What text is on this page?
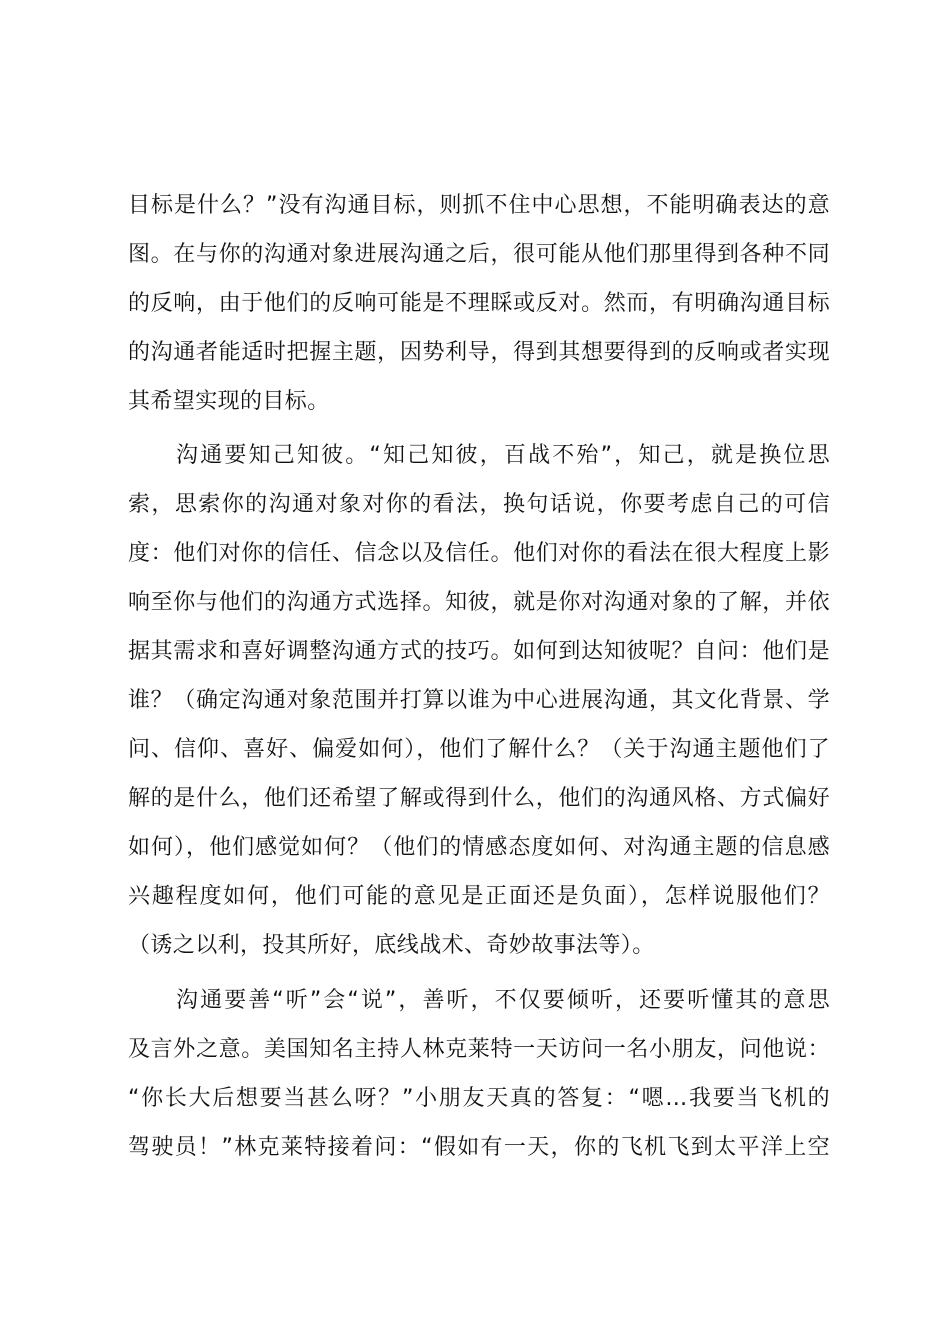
目标是什么？”没有沟通目标，则抓不住中心思想，不能明确表达的意
图。在与你的沟通对象进展沟通之后，很可能从他们那里得到各种不同
的反响，由于他们的反响可能是不理睬或反对。然而，有明确沟通目标
的沟通者能适时把握主题，因势利导，得到其想要得到的反响或者实现
其希望实现的目标。
沟通要知己知彼。“知己知彼，百战不殆”，知己，就是换位思
索，思索你的沟通对象对你的看法，换句话说，你要考虑自己的可信
度：他们对你的信任、信念以及信任。他们对你的看法在很大程度上影
响至你与他们的沟通方式选择。知彼，就是你对沟通对象的了解，并依
据其需求和喜好调整沟通方式的技巧。如何到达知彼呢？自问：他们是
谁？（确定沟通对象范围并打算以谁为中心进展沟通，其文化背景、学
问、信仰、喜好、偏爱如何），他们了解什么？（关于沟通主题他们了
解的是什么，他们还希望了解或得到什么，他们的沟通风格、方式偏好
如何），他们感觉如何？（他们的情感态度如何、对沟通主题的信息感
兴趣程度如何，他们可能的意见是正面还是负面），怎样说服他们？
（诱之以利，投其所好，底线战术、奇妙故事法等）。
沟通要善“听”会“说”，善听，不仅要倾听，还要听懂其的意思
及言外之意。美国知名主持人林克莱特一天访问一名小朋友，问他说：
“你长大后想要当甚么呀？”小朋友天真的答复：“嗯…我要当飞机的
驾驶员！”林克莱特接着问：“假如有一天，你的飞机飞到太平洋上空
